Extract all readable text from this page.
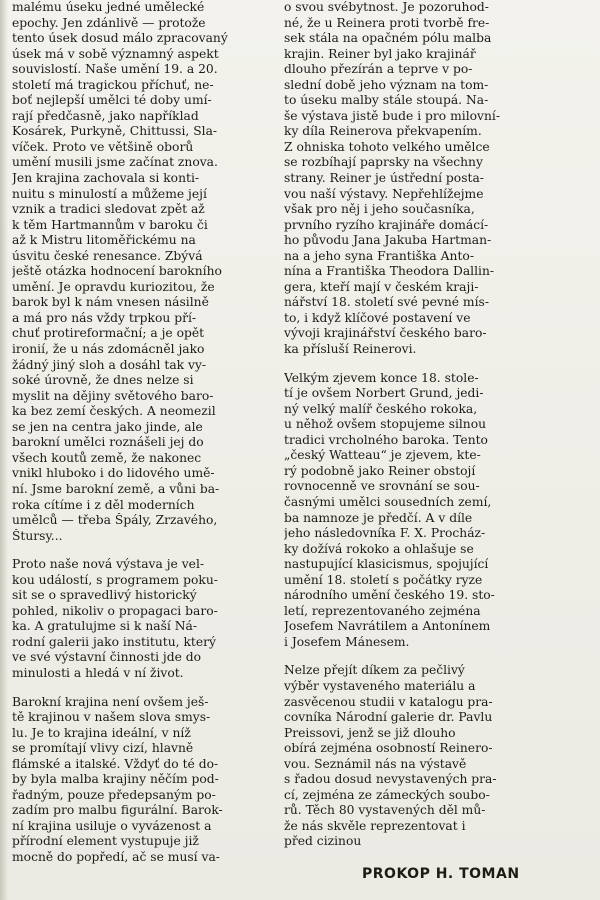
malému úseku jedné umělecké
epochy. Jen zdánlivě — protože
tento úsek dosud málo zpracovaný
úsek má v sobě významný aspekt
souvislostí. Naše umění 19. a 20.
století má tragickou příchuť, ne-
boť nejlepší umělci té doby umí-
rají předčasně, jako například
Kosárek, Purkyně, Chittussi, Sla-
víček. Proto ve většině oborů
umění musili jsme začínat znova.
Jen krajina zachovala si konti-
nuitu s minulostí a můžeme její
vznik a tradici sledovat zpět až
k těm Hartmannům v baroku či
až k Mistru litoměřickému na
úsvitu české renesance. Zbývá
ještě otázka hodnocení barokního
umění. Je opravdu kuriozitou, že
barok byl k nám vnesen násilně
a má pro nás vždy trpkou pří-
chuť protireformační; a je opět
ironií, že u nás zdomácněl jako
žádný jiný sloh a dosáhl tak vy-
soké úrovně, že dnes nelze si
myslit na dějiny světového baro-
ka bez zemí českých. A neomezil
se jen na centra jako jinde, ale
barokní umělci roznášeli jej do
všech koutů země, že nakonec
vnikl hluboko i do lidového umě-
ní. Jsme barokní země, a vůni ba-
roka cítíme i z děl moderních
umělců — třeba Špály, Zrzavého,
Štursy...
Proto naše nová výstava je vel-
kou událostí, s programem poku-
sit se o spravedlivý historický
pohled, nikoliv o propagaci baro-
ka. A gratulujme si k naší Ná-
rodní galerii jako institutu, který
ve své výstavní činnosti jde do
minulosti a hledá v ní život.
Barokní krajina není ovšem ješ-
tě krajinou v našem slova smys-
lu. Je to krajina ideální, v níž
se promítají vlivy cizí, hlavně
flámské a italské. Vždyť do té do-
by byla malba krajiny něčím pod-
řadným, pouze předepsaným po-
zadím pro malbu figurální. Barok-
ní krajina usiluje o vyvázenost a
přírodní element vystupuje již
mocně do popředí, ač se musí va-
o svou svébytnost. Je pozoruhod-
né, že u Reinera proti tvorbě fre-
sek stála na opačném pólu malba
krajin. Reiner byl jako krajinář
dlouho přezírán a teprve v po-
slední době jeho význam na tom-
to úseku malby stále stoupá. Na-
še výstava jistě bude i pro milovní-
ky díla Reinerova překvapením.
Z ohniska tohoto velkého umělce
se rozbíhají paprsky na všechny
strany. Reiner je ústřední posta-
vou naší výstavy. Nepřehlížejme
však pro něj i jeho současníka,
prvního ryzího krajináře domácí-
ho původu Jana Jakuba Hartman-
na a jeho syna Františka Anto-
nína a Františka Theodora Dallin-
gera, kteří mají v českém kraji-
nářství 18. století své pevné mís-
to, i když klíčové postavení ve
vývoji krajinářství českého baro-
ka přísluší Reinerovi.
Velkým zjevem konce 18. stole-
tí je ovšem Norbert Grund, jedi-
ný velký malíř českého rokoka,
u něhož ovšem stopujeme silnou
tradici vrcholného baroka. Tento
„český Watteau“ je zjevem, kte-
rý podobně jako Reiner obstojí
rovnocenně ve srovnání se sou-
časnými umělci sousedních zemí,
ba namnoze je předčí. A v díle
jeho následovníka F. X. Procház-
ky dožívá rokoko a ohlašuje se
nastupující klasicismus, spojující
umění 18. století s počátky ryze
národního umění českého 19. sto-
letí, reprezentovaného zejména
Josefem Navrátilem a Antonínem
i Josefem Mánesem.
Nelze přejít díkem za pečlivý
výběr vystaveného materiálu a
zasvěcenou studii v katalogu pra-
covníka Národní galerie dr. Pavlu
Preissovi, jenž se již dlouho
obírá zejména osobností Reinero-
vou. Seznámil nás na výstavě
s řadou dosud nevystavených pra-
cí, zejména ze zámeckých soubo-
rů. Těch 80 vystavených děl mů-
že nás skvěle reprezentovat i
před cizinou
PROKOP H. TOMAN
